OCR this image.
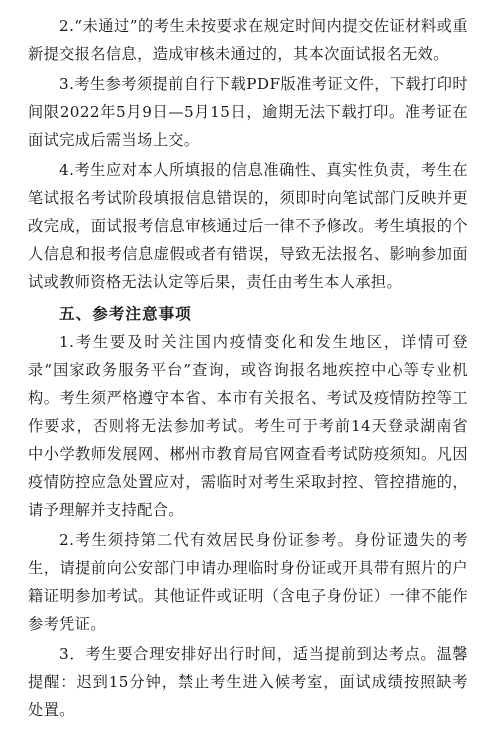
2.“未通过”的考生未按要求在规定时间内提交佐证材料或重新提交报名信息，造成审核未通过的，其本次面试报名无效。

3.考生参考须提前自行下载PDF版准考证文件，下载打印时间限2022年5月9日—5月15日，逾期无法下载打印。准考证在面试完成后需当场上交。

4.考生应对本人所填报的信息准确性、真实性负责，考生在笔试报名考试阶段填报信息错误的，须即时向笔试部门反映并更改完成，面试报考信息审核通过后一律不予修改。考生填报的个人信息和报考信息虚假或者有错误，导致无法报名、影响参加面试或教师资格无法认定等后果，责任由考生本人承担。

五、参考注意事项

1.考生要及时关注国内疫情变化和发生地区，详情可登录“国家政务服务平台”查询，或咨询报名地疾控中心等专业机构。考生须严格遵守本省、本市有关报名、考试及疫情防控等工作要求，否则将无法参加考试。考生可于考前14天登录湖南省中小学教师发展网、郴州市教育局官网查看考试防疫须知。凡因疫情防控应急处置应对，需临时对考生采取封控、管控措施的，请予理解并支持配合。

2.考生须持第二代有效居民身份证参考。身份证遗失的考生，请提前向公安部门申请办理临时身份证或开具带有照片的户籍证明参加考试。其他证件或证明（含电子身份证）一律不能作参考凭证。

3．考生要合理安排好出行时间，适当提前到达考点。温馨提醒：迟到15分钟，禁止考生进入候考室，面试成绩按照缺考处置。
